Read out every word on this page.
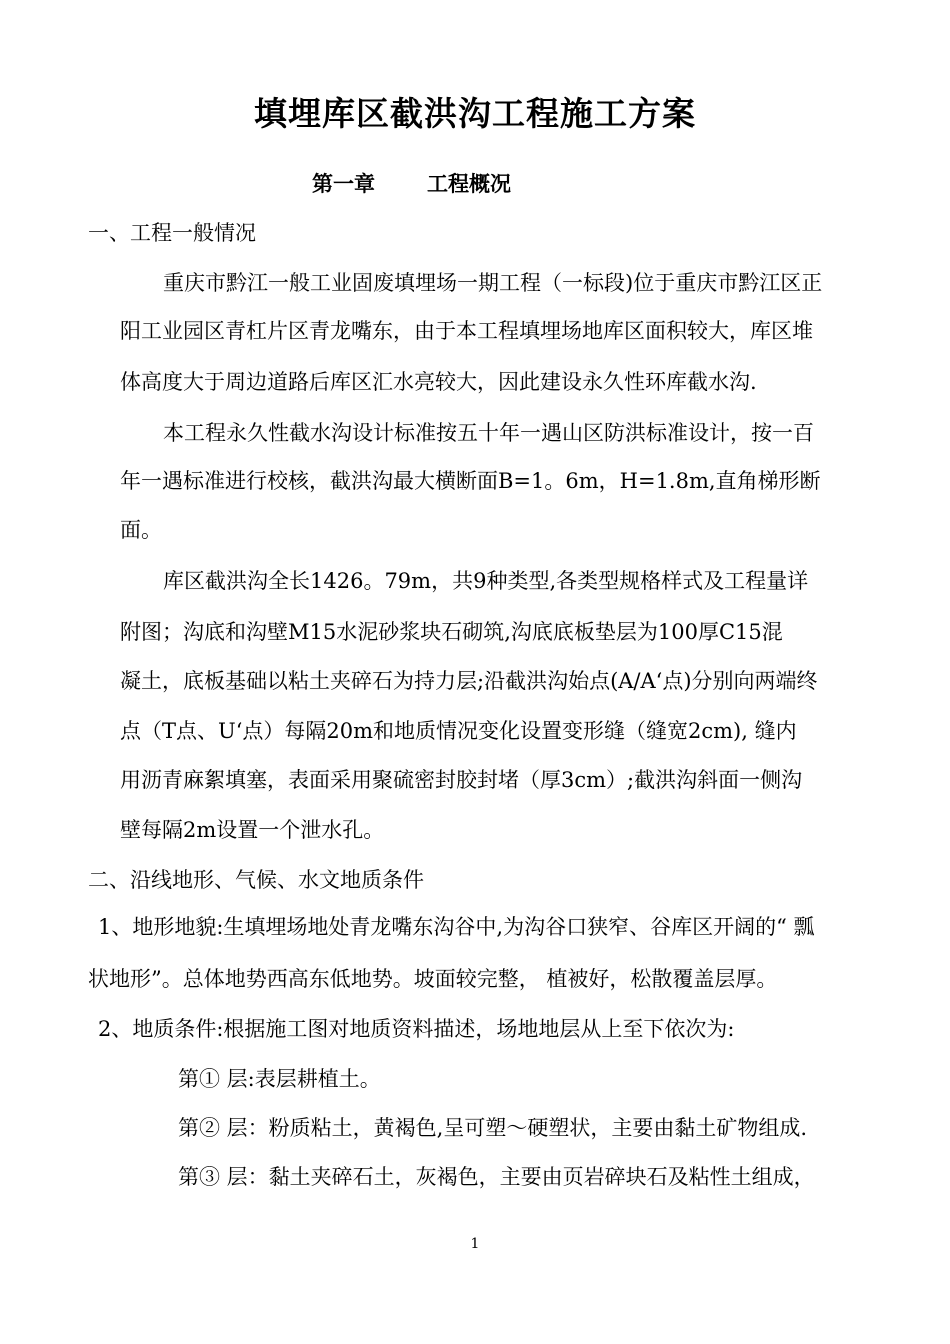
填埋库区截洪沟工程施工方案
第一章 工程概况
一、工程一般情况
重庆市黔江一般工业固废填埋场一期工程（一标段)位于重庆市黔江区正
阳工业园区青杠片区青龙嘴东，由于本工程填埋场地库区面积较大，库区堆
体高度大于周边道路后库区汇水亮较大，因此建设永久性环库截水沟.
本工程永久性截水沟设计标准按五十年一遇山区防洪标准设计，按一百
年一遇标准进行校核，截洪沟最大横断面B=1。6m，H=1.8m,直角梯形断
面。
库区截洪沟全长1426。79m，共9种类型,各类型规格样式及工程量详
附图；沟底和沟壁M15水泥砂浆块石砌筑,沟底底板垫层为100厚C15混
凝土，底板基础以粘土夹碎石为持力层;沿截洪沟始点(A/A‘点)分别向两端终
点（T点、U‘点）每隔20m和地质情况变化设置变形缝（缝宽2cm), 缝内
用沥青麻絮填塞，表面采用聚硫密封胶封堵（厚3cm）;截洪沟斜面一侧沟
壁每隔2m设置一个泄水孔。
二、沿线地形、气候、水文地质条件
1、地形地貌:生填埋场地处青龙嘴东沟谷中,为沟谷口狭窄、谷库区开阔的“ 瓢
状地形”。总体地势西高东低地势。坡面较完整， 植被好，松散覆盖层厚。
2、地质条件:根据施工图对地质资料描述，场地地层从上至下依次为:
第① 层:表层耕植土。
第② 层：粉质粘土，黄褐色,呈可塑～硬塑状，主要由黏土矿物组成.
第③ 层：黏土夹碎石土，灰褐色，主要由页岩碎块石及粘性土组成，
1
